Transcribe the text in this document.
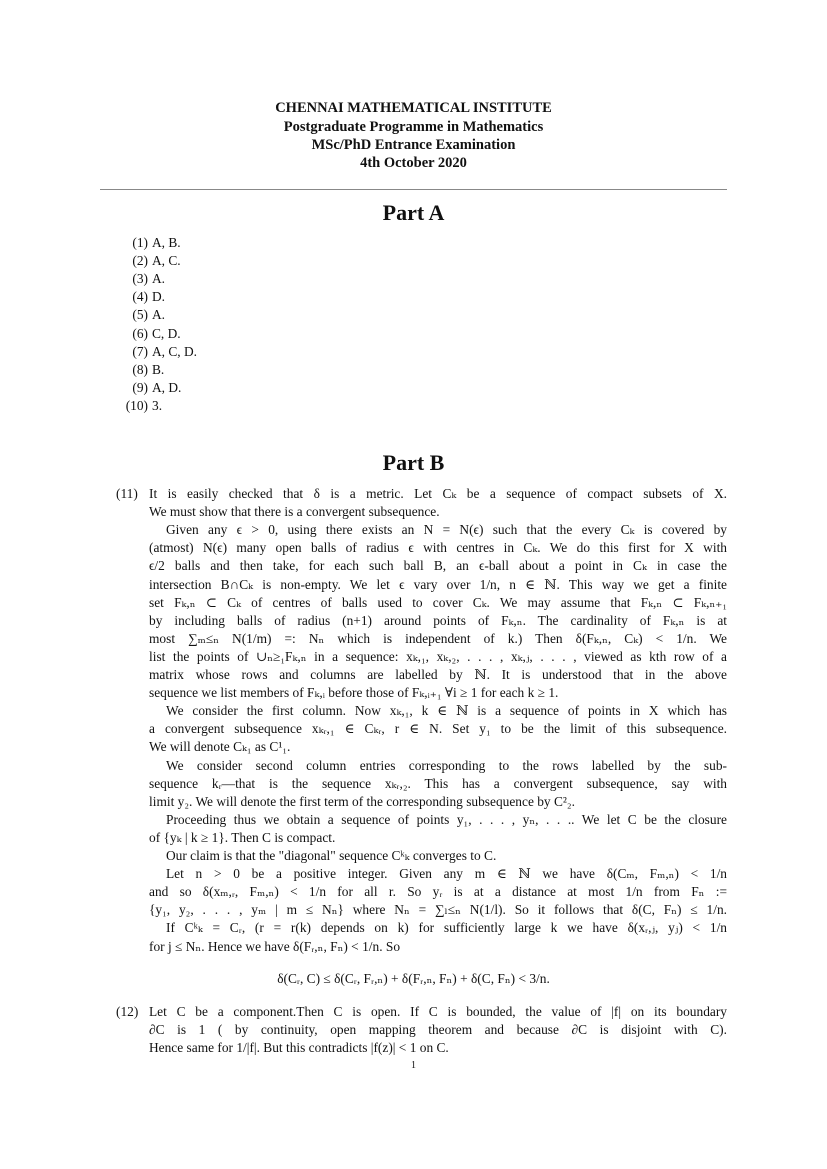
CHENNAI MATHEMATICAL INSTITUTE
Postgraduate Programme in Mathematics
MSc/PhD Entrance Examination
4th October 2020
Part A
(1) A, B.
(2) A, C.
(3) A.
(4) D.
(5) A.
(6) C, D.
(7) A, C, D.
(8) B.
(9) A, D.
(10) 3.
Part B
(11) It is easily checked that δ is a metric. Let Cₖ be a sequence of compact subsets of X.
We must show that there is a convergent subsequence.
Given any ϵ > 0, using there exists an N = N(ϵ) such that the every Cₖ is covered by
(atmost) N(ϵ) many open balls of radius ϵ with centres in Cₖ. We do this first for X with
ϵ/2 balls and then take, for each such ball B, an ϵ-ball about a point in Cₖ in case the
intersection B∩Cₖ is non-empty. We let ϵ vary over 1/n, n ∈ ℕ. This way we get a finite
set Fₖ,ₙ ⊂ Cₖ of centres of balls used to cover Cₖ. We may assume that Fₖ,ₙ ⊂ Fₖ,ₙ₊₁
by including balls of radius (n+1) around points of Fₖ,ₙ. The cardinality of Fₖ,ₙ is at
most ∑ₘ≤ₙ N(1/m) =: Nₙ which is independent of k.) Then δ(Fₖ,ₙ, Cₖ) < 1/n. We
list the points of ∪ₙ≥₁Fₖ,ₙ in a sequence: xₖ,₁, xₖ,₂, . . . , xₖ,ⱼ, . . . , viewed as kth row of a
matrix whose rows and columns are labelled by ℕ. It is understood that in the above
sequence we list members of Fₖ,ᵢ before those of Fₖ,ᵢ₊₁ ∀i ≥ 1 for each k ≥ 1.
We consider the first column. Now xₖ,₁, k ∈ ℕ is a sequence of points in X which has
a convergent subsequence xₖᵣ,₁ ∈ Cₖᵣ, r ∈ N. Set y₁ to be the limit of this subsequence.
We will denote Cₖ₁ as C¹₁.
We consider second column entries corresponding to the rows labelled by the sub-
sequence kᵣ—that is the sequence xₖᵣ,₂. This has a convergent subsequence, say with
limit y₂. We will denote the first term of the corresponding subsequence by C²₂.
Proceeding thus we obtain a sequence of points y₁, . . . , yₙ, . . .. We let C be the closure
of {yₖ | k ≥ 1}. Then C is compact.
Our claim is that the "diagonal" sequence Cᵏₖ converges to C.
Let n > 0 be a positive integer. Given any m ∈ ℕ we have δ(Cₘ, Fₘ,ₙ) < 1/n
and so δ(xₘ,ᵣ, Fₘ,ₙ) < 1/n for all r. So yᵣ is at a distance at most 1/n from Fₙ :=
{y₁, y₂, . . . , yₘ | m ≤ Nₙ} where Nₙ = ∑ₗ≤ₙ N(1/l). So it follows that δ(C, Fₙ) ≤ 1/n.
If Cᵏₖ = Cᵣ, (r = r(k) depends on k) for sufficiently large k we have δ(xᵣ,ⱼ, yⱼ) < 1/n
for j ≤ Nₙ. Hence we have δ(Fᵣ,ₙ, Fₙ) < 1/n. So
δ(Cᵣ, C) ≤ δ(Cᵣ, Fᵣ,ₙ) + δ(Fᵣ,ₙ, Fₙ) + δ(C, Fₙ) < 3/n.
(12) Let C be a component.Then C is open. If C is bounded, the value of |f| on its boundary
∂C is 1 ( by continuity, open mapping theorem and because ∂C is disjoint with C).
Hence same for 1/|f|. But this contradicts |f(z)| < 1 on C.
1
